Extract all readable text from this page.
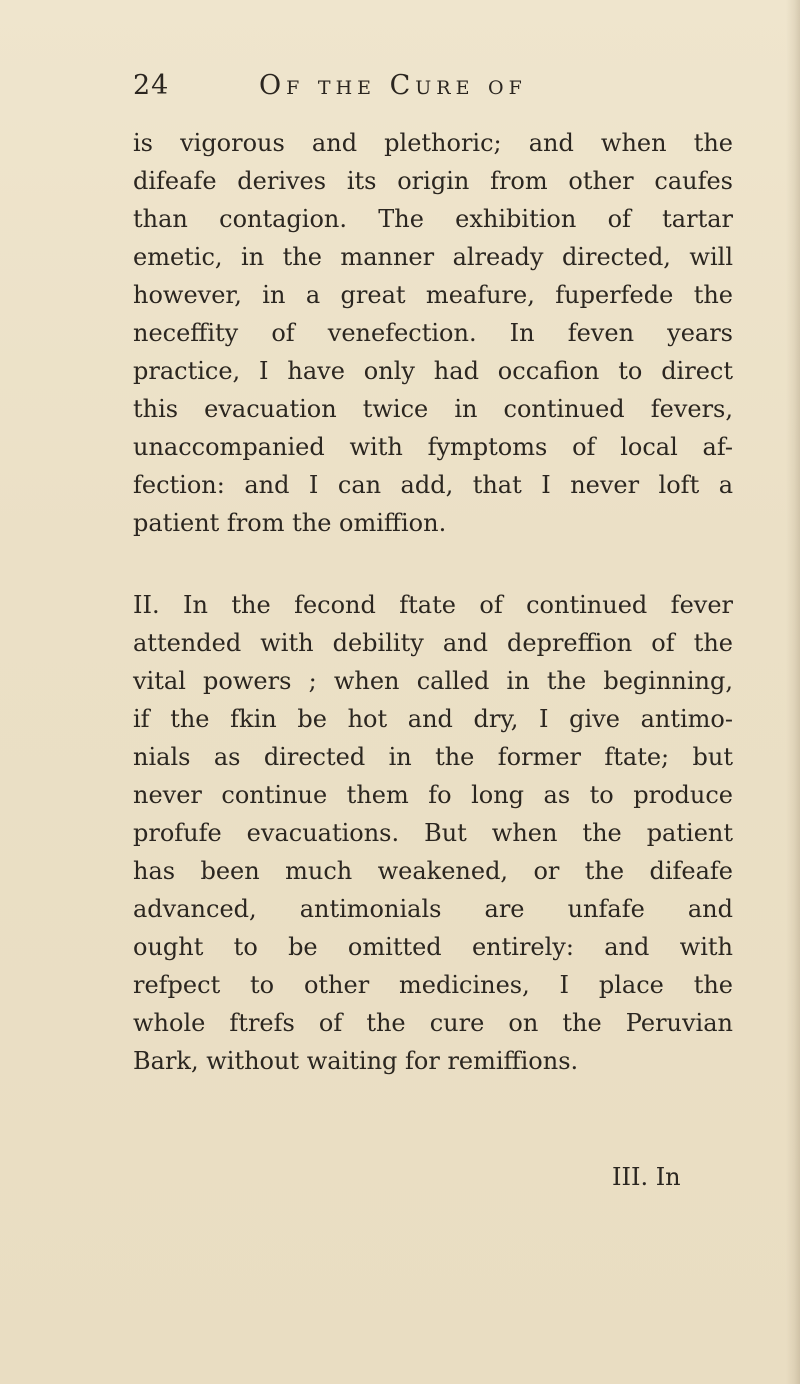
24	Of the Cure of
is vigorous and plethoric; and when the
difeafe derives its origin from other caufes
than contagion. The exhibition of tartar
emetic, in the manner already directed, will
however, in a great meafure, fuperfede the
neceffity of venefection. In feven years
practice, I have only had occafion to direct
this evacuation twice in continued fevers,
unaccompanied with fymptoms of local af-
fection: and I can add, that I never loft a
patient from the omiffion.
II. In the fecond ftate of continued fever
attended with debility and depreffion of the
vital powers ; when called in the beginning,
if the fkin be hot and dry, I give antimo-
nials as directed in the former ftate; but
never continue them fo long as to produce
profufe evacuations. But when the patient
has been much weakened, or the difeafe
advanced, antimonials are unfafe and
ought to be omitted entirely: and with
refpect to other medicines, I place the
whole ftrefs of the cure on the Peruvian
Bark, without waiting for remiffions.
III. In
